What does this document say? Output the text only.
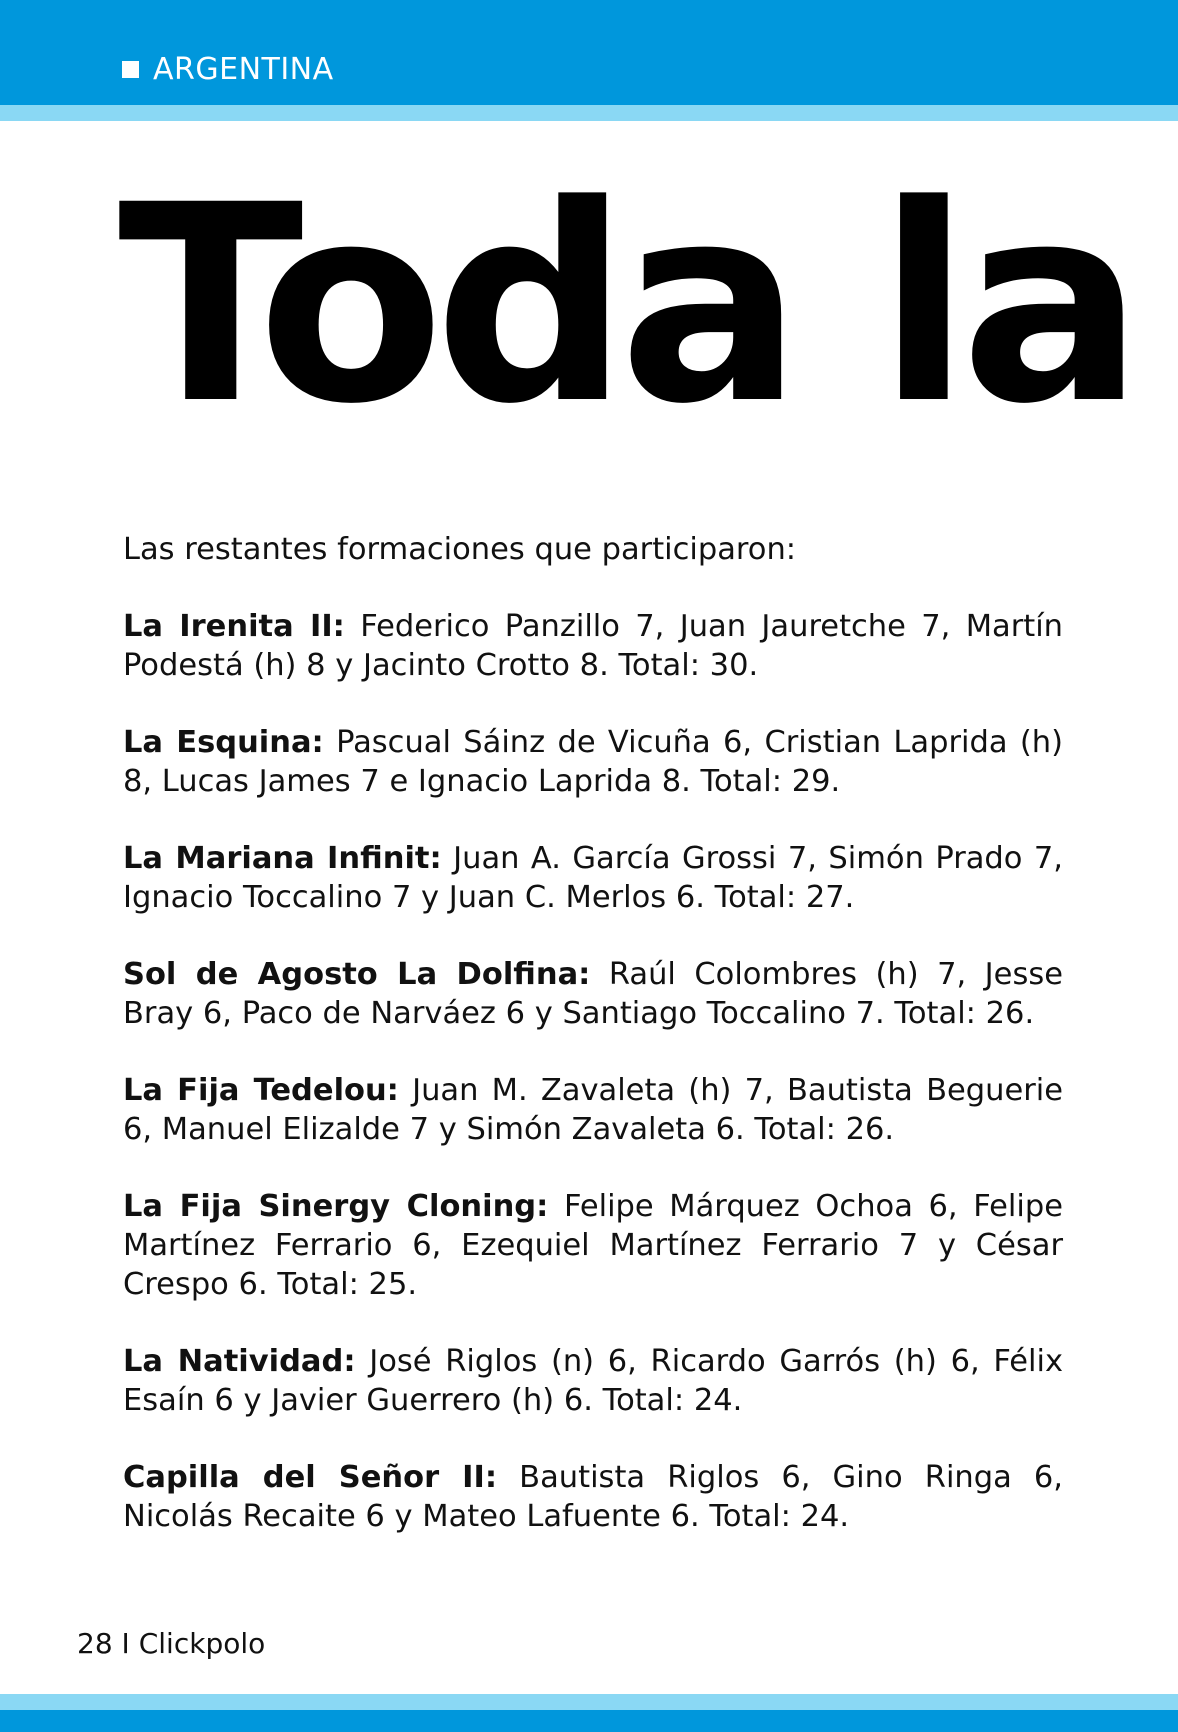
ARGENTINA
Toda la

Las restantes formaciones que participaron:

La Irenita II: Federico Panzillo 7, Juan Jauretche 7, Martín Podestá (h) 8 y Jacinto Crotto 8. Total: 30.

La Esquina: Pascual Sáinz de Vicuña 6, Cristian Laprida (h) 8, Lucas James 7 e Ignacio Laprida 8. Total: 29.

La Mariana Infinit: Juan A. García Grossi 7, Simón Prado 7, Ignacio Toccalino 7 y Juan C. Merlos 6. Total: 27.

Sol de Agosto La Dolfina: Raúl Colombres (h) 7, Jesse Bray 6, Paco de Narváez 6 y Santiago Toccalino 7. Total: 26.

La Fija Tedelou: Juan M. Zavaleta (h) 7, Bautista Beguerie 6, Manuel Elizalde 7 y Simón Zavaleta 6. Total: 26.

La Fija Sinergy Cloning: Felipe Márquez Ochoa 6, Felipe Martínez Ferrario 6, Ezequiel Martínez Ferrario 7 y César Crespo 6. Total: 25.

La Natividad: José Riglos (n) 6, Ricardo Garrós (h) 6, Félix Esaín 6 y Javier Guerrero (h) 6. Total: 24.

Capilla del Señor II: Bautista Riglos 6, Gino Ringa 6, Nicolás Recaite 6 y Mateo Lafuente 6. Total: 24.

28 I Clickpolo
